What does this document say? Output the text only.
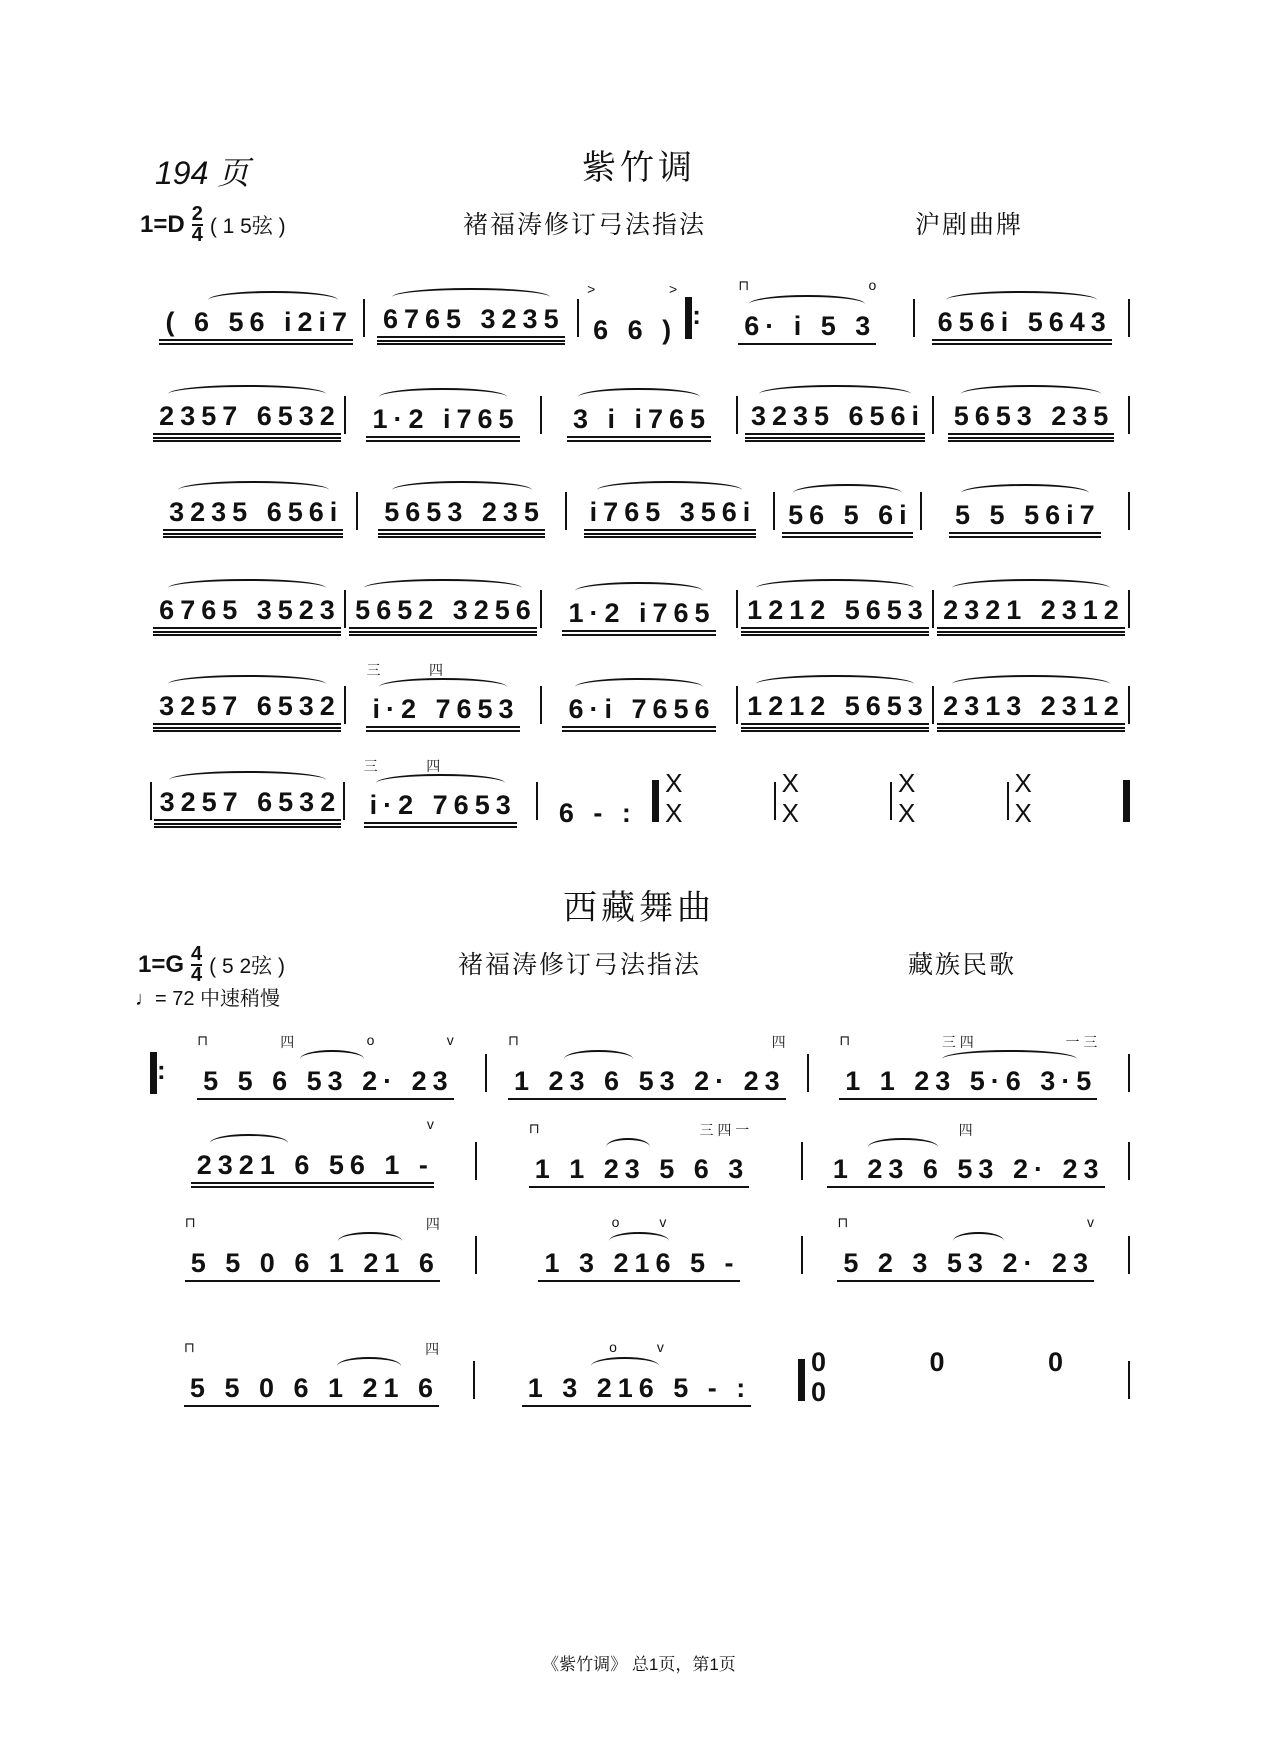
194 页	紫竹调
$1=D \frac{2}{4}$ ( 1 5弦 )	褚福涛修订弓法指法	沪剧曲牌
( 6 56 i2i7 6765 3235
>	>
6 6 ) :
⊓	o
6· i 5 3 656i 5643
2357 6532 1·2 i765 3 i i765 3235 656i 5653 235
3235 656i 5653 235 i765 356i 56 5 6i 5 5 56i7
6765 3523 5652 3256 1·2 i765 1212 5653 2321 2312
3257 6532
三	四
i·2 7653 6·i 7656 1212 5653 2313 2312
3257 6532
三	四
i·2 7653 6 - :
X X
X X
X X
X X
西藏舞曲
$1=G \frac{4}{4}$ ( 5 2弦 )
♩= 72 中速稍慢
褚福涛修订弓法指法	藏族民歌
:
⊓	四	o	v
5 5 6 53 2· 23
⊓	四
1 23 6 53 2· 23
⊓	三 四	一 三
1 1 23 5·6 3·5
v
2321 6 56 1 -
⊓	三 四 一
1 1 23 5 6 3
四
1 23 6 53 2· 23
⊓	四
5 5 0 6 1 21 6
o	v
1 3 216 5 -
⊓	v
5 2 3 53 2· 23
⊓	四
5 5 0 6 1 21 6
o	v
1 3 216 5 - :
0 0 0 0
《紫竹调》 总1页，第1页
